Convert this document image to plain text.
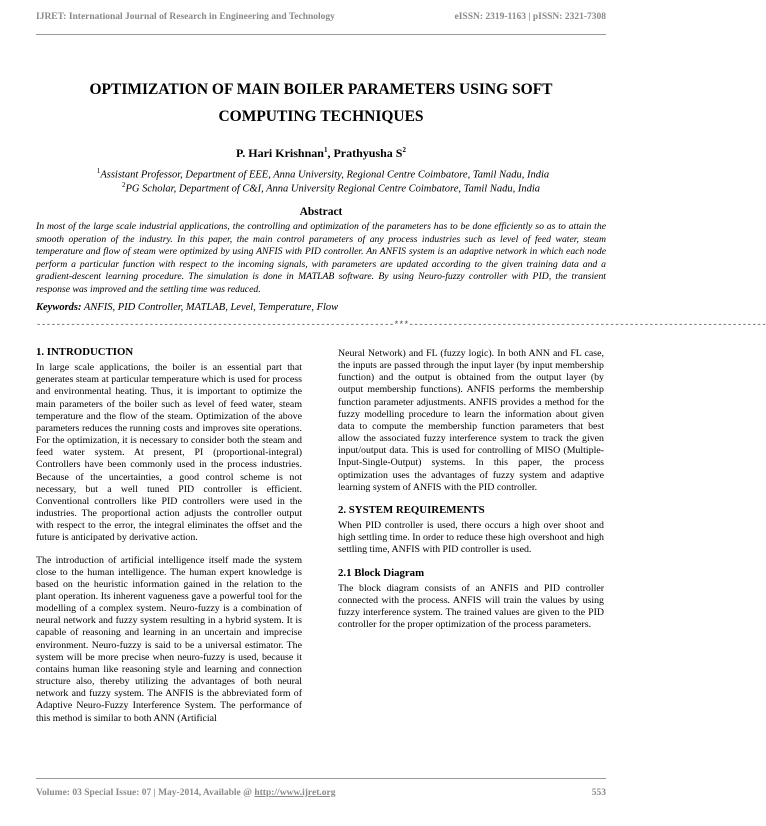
IJRET: International Journal of Research in Engineering and Technology	eISSN: 2319-1163 | pISSN: 2321-7308
OPTIMIZATION OF MAIN BOILER PARAMETERS USING SOFT
COMPUTING TECHNIQUES
P. Hari Krishnan$^1$, Prathyusha $S^2$
$^1$Assistant Professor, Department of EEE, Anna University, Regional Centre Coimbatore, Tamil Nadu, India
$^2$PG Scholar, Department of C&I, Anna University Regional Centre Coimbatore, Tamil Nadu, India
Abstract
In most of the large scale industrial applications, the controlling and optimization of the parameters has to be done efficiently so as to attain the smooth operation of the industry. In this paper, the main control parameters of any process industries such as level of feed water, steam temperature and flow of steam were optimized by using ANFIS with PID controller. An ANFIS system is an adaptive network in which each node perform a particular function with respect to the incoming signals, with parameters are updated according to the given training data and a gradient-descent learning procedure. The simulation is done in MATLAB software. By using Neuro-fuzzy controller with PID, the transient response was improved and the settling time was reduced.
Keywords: ANFIS, PID Controller, MATLAB, Level, Temperature, Flow
-------------------------------------------------------------------------***-------------------------------------------------------------------------
1. INTRODUCTION

In large scale applications, the boiler is an essential part that generates steam at particular temperature which is used for process and environmental heating. Thus, it is important to optimize the main parameters of the boiler such as level of feed water, steam temperature and the flow of the steam. Optimization of the above parameters reduces the running costs and improves site operations. For the optimization, it is necessary to consider both the steam and feed water system. At present, PI (proportional-integral) Controllers have been commonly used in the process industries. Because of the uncertainties, a good control scheme is not necessary, but a well tuned PID controller is efficient. Conventional controllers like PID controllers were used in the industries. The proportional action adjusts the controller output with respect to the error, the integral eliminates the offset and the future is anticipated by derivative action.

The introduction of artificial intelligence itself made the system close to the human intelligence. The human expert knowledge is based on the heuristic information gained in the relation to the plant operation. Its inherent vagueness gave a powerful tool for the modelling of a complex system. Neuro-fuzzy is a combination of neural network and fuzzy system resulting in a hybrid system. It is capable of reasoning and learning in an uncertain and imprecise environment. Neuro-fuzzy is said to be a universal estimator. The system will be more precise when neuro-fuzzy is used, because it contains human like reasoning style and learning and connection structure also, thereby utilizing the advantages of both neural network and fuzzy system. The ANFIS is the abbreviated form of Adaptive Neuro-Fuzzy Interference System. The performance of this method is similar to both ANN (Artificial

Neural Network) and FL (fuzzy logic). In both ANN and FL case, the inputs are passed through the input layer (by input membership function) and the output is obtained from the output layer (by output membership functions). ANFIS performs the membership function parameter adjustments. ANFIS provides a method for the fuzzy modelling procedure to learn the information about given data to compute the membership function parameters that best allow the associated fuzzy interference system to track the given input/output data. This is used for controlling of MISO (Multiple-Input-Single-Output) systems. In this paper, the process optimization uses the advantages of fuzzy system and adaptive learning system of ANFIS with the PID controller.

2. SYSTEM REQUIREMENTS

When PID controller is used, there occurs a high over shoot and high settling time. In order to reduce these high overshoot and high settling time, ANFIS with PID controller is used.

2.1 Block Diagram

The block diagram consists of an ANFIS and PID controller connected with the process. ANFIS will train the values by using fuzzy interference system. The trained values are given to the PID controller for the proper optimization of the process parameters.

Volume: 03 Special Issue: 07 | May-2014, Available @ http://www.ijret.org	553
